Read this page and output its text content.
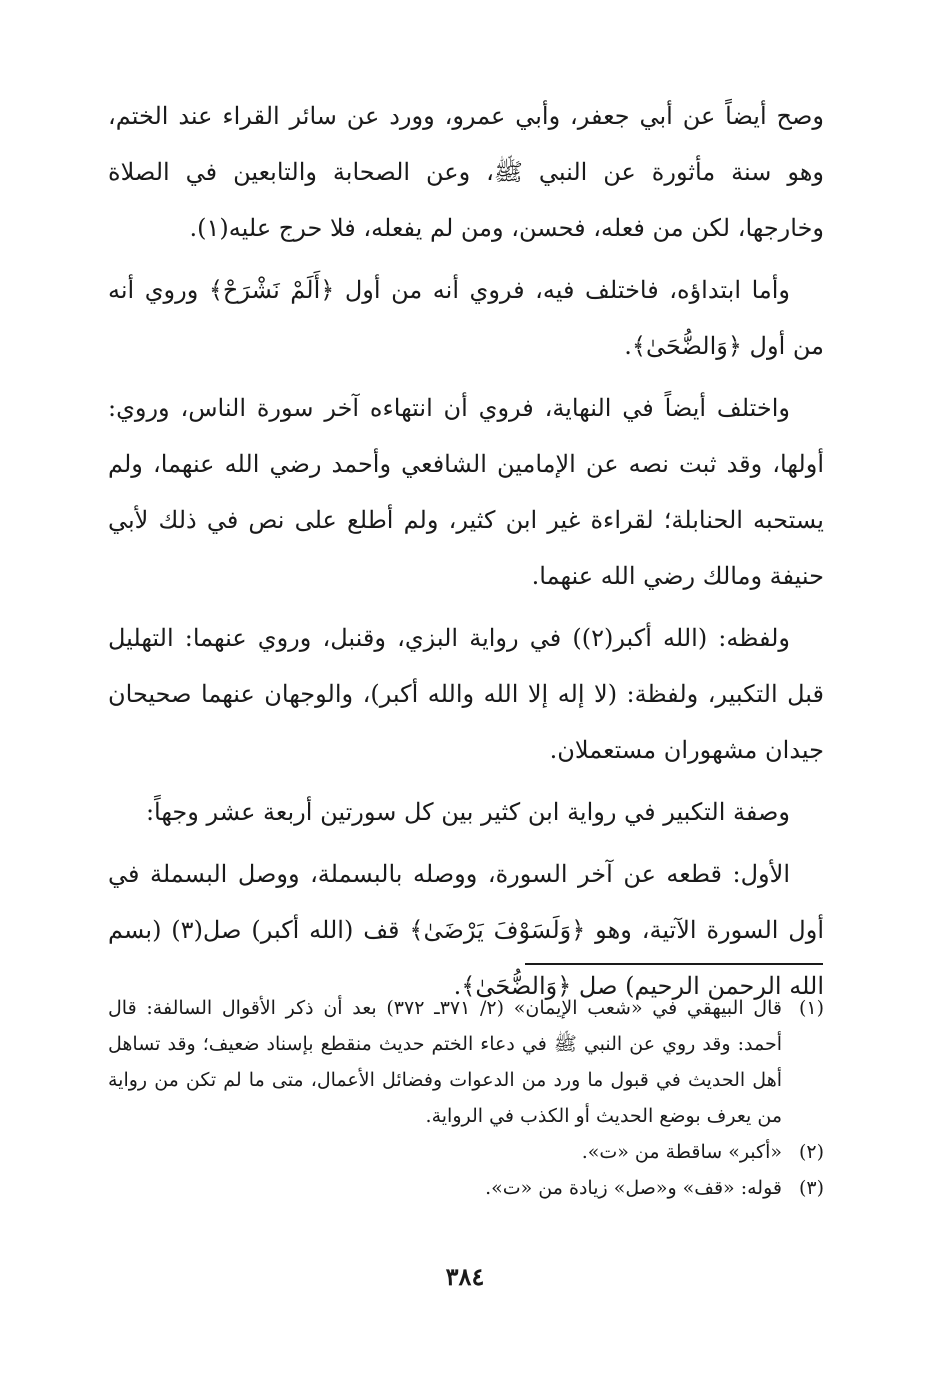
وصح أيضاً عن أبي جعفر، وأبي عمرو، وورد عن سائر القراء عند الختم، وهو سنة مأثورة عن النبي ﷺ، وعن الصحابة والتابعين في الصلاة وخارجها، لكن من فعله، فحسن، ومن لم يفعله، فلا حرج عليه(١).

وأما ابتداؤه، فاختلف فيه، فروي أنه من أول ﴿أَلَمْ نَشْرَحْ﴾ وروي أنه من أول ﴿وَالضُّحَىٰ﴾.

واختلف أيضاً في النهاية، فروي أن انتهاءه آخر سورة الناس، وروي: أولها، وقد ثبت نصه عن الإمامين الشافعي وأحمد رضي الله عنهما، ولم يستحبه الحنابلة؛ لقراءة غير ابن كثير، ولم أطلع على نص في ذلك لأبي حنيفة ومالك رضي الله عنهما.

ولفظه: (الله أكبر(٢)) في رواية البزي، وقنبل، وروي عنهما: التهليل قبل التكبير، ولفظة: (لا إله إلا الله والله أكبر)، والوجهان عنهما صحيحان جيدان مشهوران مستعملان.

وصفة التكبير في رواية ابن كثير بين كل سورتين أربعة عشر وجهاً:

الأول: قطعه عن آخر السورة، ووصله بالبسملة، ووصل البسملة في أول السورة الآتية، وهو ﴿وَلَسَوْفَ يَرْضَىٰ﴾ قف (الله أكبر) صل(٣) (بسم الله الرحمن الرحيم) صل ﴿وَالضُّحَىٰ﴾.

(١)
قال البيهقي في «شعب الإيمان» (٢/ ٣٧١ـ ٣٧٢) بعد أن ذكر الأقوال السالفة: قال أحمد: وقد روي عن النبي ﷺ في دعاء الختم حديث منقطع بإسناد ضعيف؛ وقد تساهل أهل الحديث في قبول ما ورد من الدعوات وفضائل الأعمال، متى ما لم تكن من رواية من يعرف بوضع الحديث أو الكذب في الرواية.
(٢)
«أكبر» ساقطة من «ت».
(٣)
قوله: «قف» و«صل» زيادة من «ت».
٣٨٤
